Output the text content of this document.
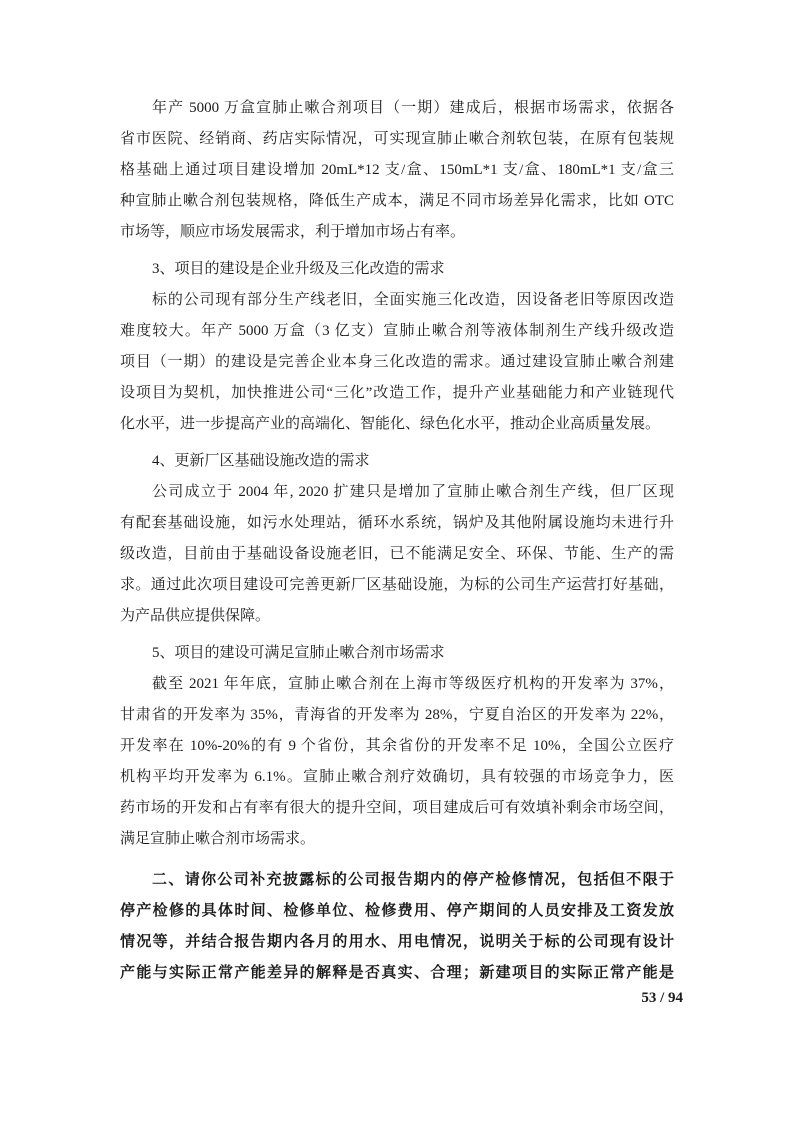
年产 5000 万盒宣肺止嗽合剂项目（一期）建成后，根据市场需求，依据各
省市医院、经销商、药店实际情况，可实现宣肺止嗽合剂软包装，在原有包装规
格基础上通过项目建设增加 20mL*12 支/盒、150mL*1 支/盒、180mL*1 支/盒三
种宣肺止嗽合剂包装规格，降低生产成本，满足不同市场差异化需求，比如 OTC
市场等，顺应市场发展需求，利于增加市场占有率。
3、项目的建设是企业升级及三化改造的需求
标的公司现有部分生产线老旧，全面实施三化改造，因设备老旧等原因改造
难度较大。年产 5000 万盒（3 亿支）宣肺止嗽合剂等液体制剂生产线升级改造
项目（一期）的建设是完善企业本身三化改造的需求。通过建设宣肺止嗽合剂建
设项目为契机，加快推进公司“三化”改造工作，提升产业基础能力和产业链现代
化水平，进一步提高产业的高端化、智能化、绿色化水平，推动企业高质量发展。
4、更新厂区基础设施改造的需求
公司成立于 2004 年, 2020 扩建只是增加了宣肺止嗽合剂生产线，但厂区现
有配套基础设施，如污水处理站，循环水系统，锅炉及其他附属设施均未进行升
级改造，目前由于基础设备设施老旧，已不能满足安全、环保、节能、生产的需
求。通过此次项目建设可完善更新厂区基础设施，为标的公司生产运营打好基础，
为产品供应提供保障。
5、项目的建设可满足宣肺止嗽合剂市场需求
截至 2021 年年底，宣肺止嗽合剂在上海市等级医疗机构的开发率为 37%，
甘肃省的开发率为 35%，青海省的开发率为 28%，宁夏自治区的开发率为 22%，
开发率在 10%-20%的有 9 个省份，其余省份的开发率不足 10%，全国公立医疗
机构平均开发率为 6.1%。宣肺止嗽合剂疗效确切，具有较强的市场竞争力，医
药市场的开发和占有率有很大的提升空间，项目建成后可有效填补剩余市场空间，
满足宣肺止嗽合剂市场需求。
二、请你公司补充披露标的公司报告期内的停产检修情况，包括但不限于
停产检修的具体时间、检修单位、检修费用、停产期间的人员安排及工资发放
情况等，并结合报告期内各月的用水、用电情况，说明关于标的公司现有设计
产能与实际正常产能差异的解释是否真实、合理；新建项目的实际正常产能是
53 / 94
